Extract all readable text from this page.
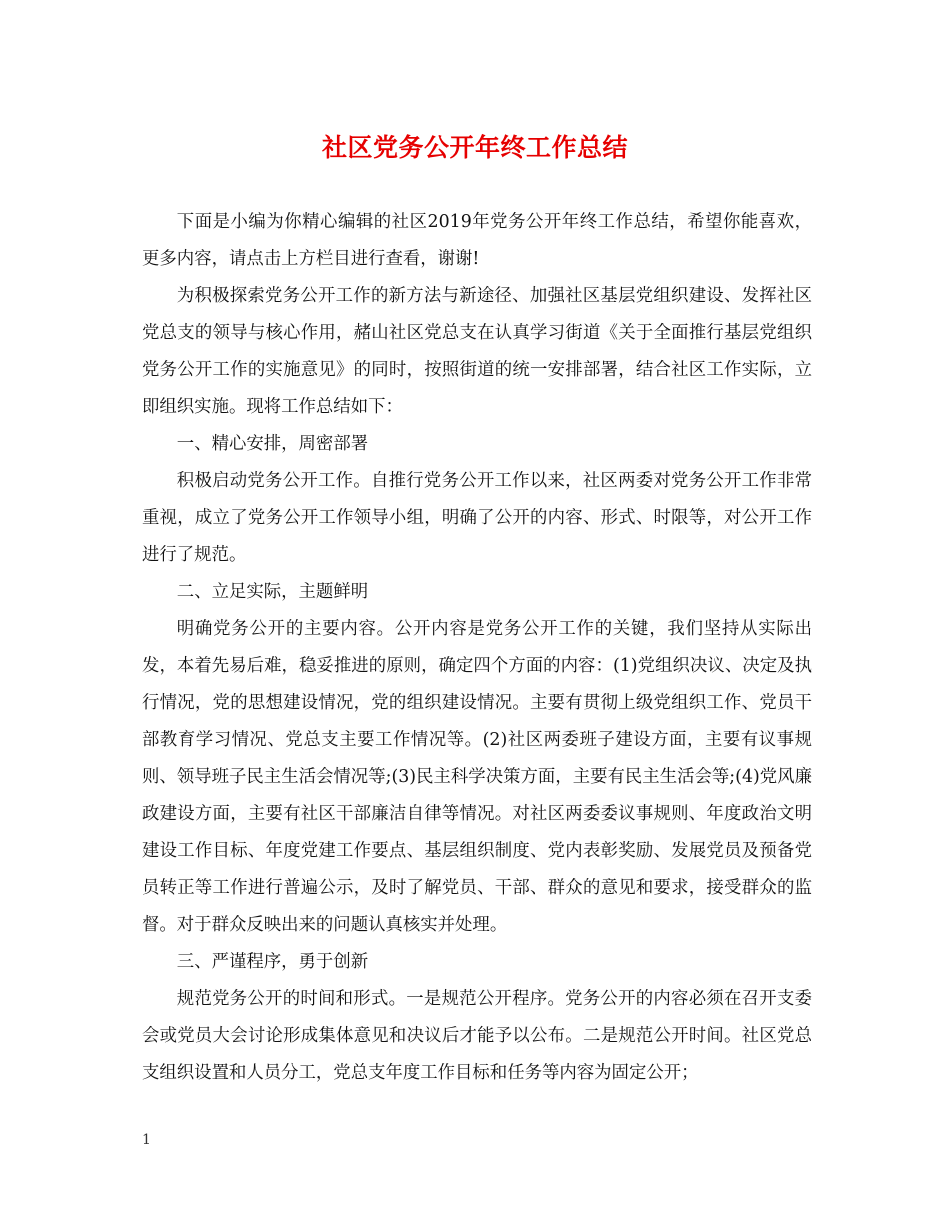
社区党务公开年终工作总结

下面是小编为你精心编辑的社区2019年党务公开年终工作总结，希望你能喜欢，更多内容，请点击上方栏目进行查看，谢谢!

为积极探索党务公开工作的新方法与新途径、加强社区基层党组织建设、发挥社区党总支的领导与核心作用，赭山社区党总支在认真学习街道《关于全面推行基层党组织党务公开工作的实施意见》的同时，按照街道的统一安排部署，结合社区工作实际，立即组织实施。现将工作总结如下：

一、精心安排，周密部署

积极启动党务公开工作。自推行党务公开工作以来，社区两委对党务公开工作非常重视，成立了党务公开工作领导小组，明确了公开的内容、形式、时限等，对公开工作进行了规范。

二、立足实际，主题鲜明

明确党务公开的主要内容。公开内容是党务公开工作的关键，我们坚持从实际出发，本着先易后难，稳妥推进的原则，确定四个方面的内容：(1)党组织决议、决定及执行情况，党的思想建设情况，党的组织建设情况。主要有贯彻上级党组织工作、党员干部教育学习情况、党总支主要工作情况等。(2)社区两委班子建设方面，主要有议事规则、领导班子民主生活会情况等;(3)民主科学决策方面，主要有民主生活会等;(4)党风廉政建设方面，主要有社区干部廉洁自律等情况。对社区两委委议事规则、年度政治文明建设工作目标、年度党建工作要点、基层组织制度、党内表彰奖励、发展党员及预备党员转正等工作进行普遍公示，及时了解党员、干部、群众的意见和要求，接受群众的监督。对于群众反映出来的问题认真核实并处理。

三、严谨程序，勇于创新

规范党务公开的时间和形式。一是规范公开程序。党务公开的内容必须在召开支委会或党员大会讨论形成集体意见和决议后才能予以公布。二是规范公开时间。社区党总支组织设置和人员分工，党总支年度工作目标和任务等内容为固定公开；

1
